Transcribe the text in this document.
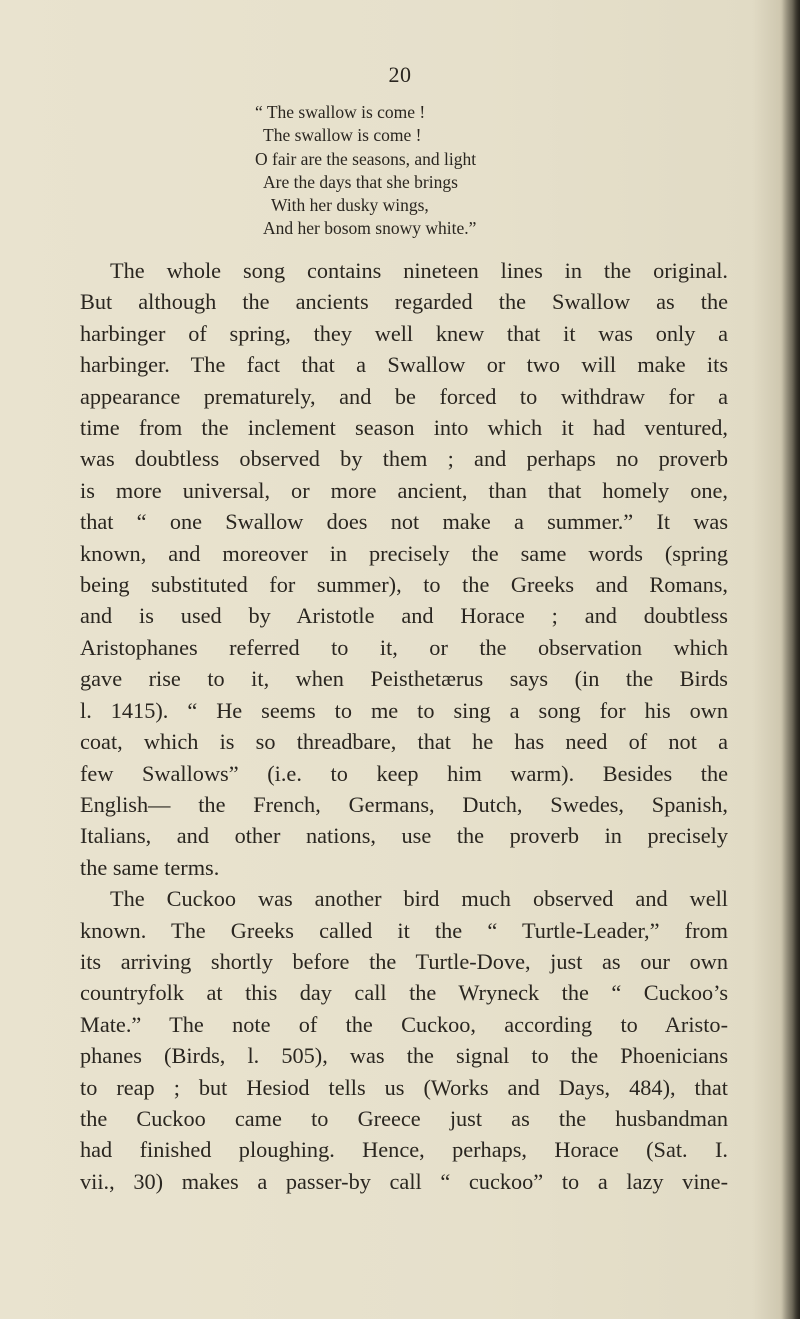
20
“ The swallow is come !
The swallow is come !
O fair are the seasons, and light
Are the days that she brings
With her dusky wings,
And her bosom snowy white.”
The whole song contains nineteen lines in the original.
But although the ancients regarded the Swallow as the
harbinger of spring, they well knew that it was only a
harbinger. The fact that a Swallow or two will make its
appearance prematurely, and be forced to withdraw for a
time from the inclement season into which it had ventured,
was doubtless observed by them ; and perhaps no proverb
is more universal, or more ancient, than that homely one,
that “ one Swallow does not make a summer.” It was
known, and moreover in precisely the same words (spring
being substituted for summer), to the Greeks and Romans,
and is used by Aristotle and Horace ; and doubtless
Aristophanes referred to it, or the observation which
gave rise to it, when Peisthetærus says (in the Birds
l. 1415). “ He seems to me to sing a song for his own
coat, which is so threadbare, that he has need of not a
few Swallows” (i.e. to keep him warm). Besides the
English— the French, Germans, Dutch, Swedes, Spanish,
Italians, and other nations, use the proverb in precisely
the same terms.
The Cuckoo was another bird much observed and well
known. The Greeks called it the “ Turtle-Leader,” from
its arriving shortly before the Turtle-Dove, just as our own
countryfolk at this day call the Wryneck the “ Cuckoo’s
Mate.” The note of the Cuckoo, according to Aristo-
phanes (Birds, l. 505), was the signal to the Phoenicians
to reap ; but Hesiod tells us (Works and Days, 484), that
the Cuckoo came to Greece just as the husbandman
had finished ploughing. Hence, perhaps, Horace (Sat. I.
vii., 30) makes a passer-by call “ cuckoo” to a lazy vine-
